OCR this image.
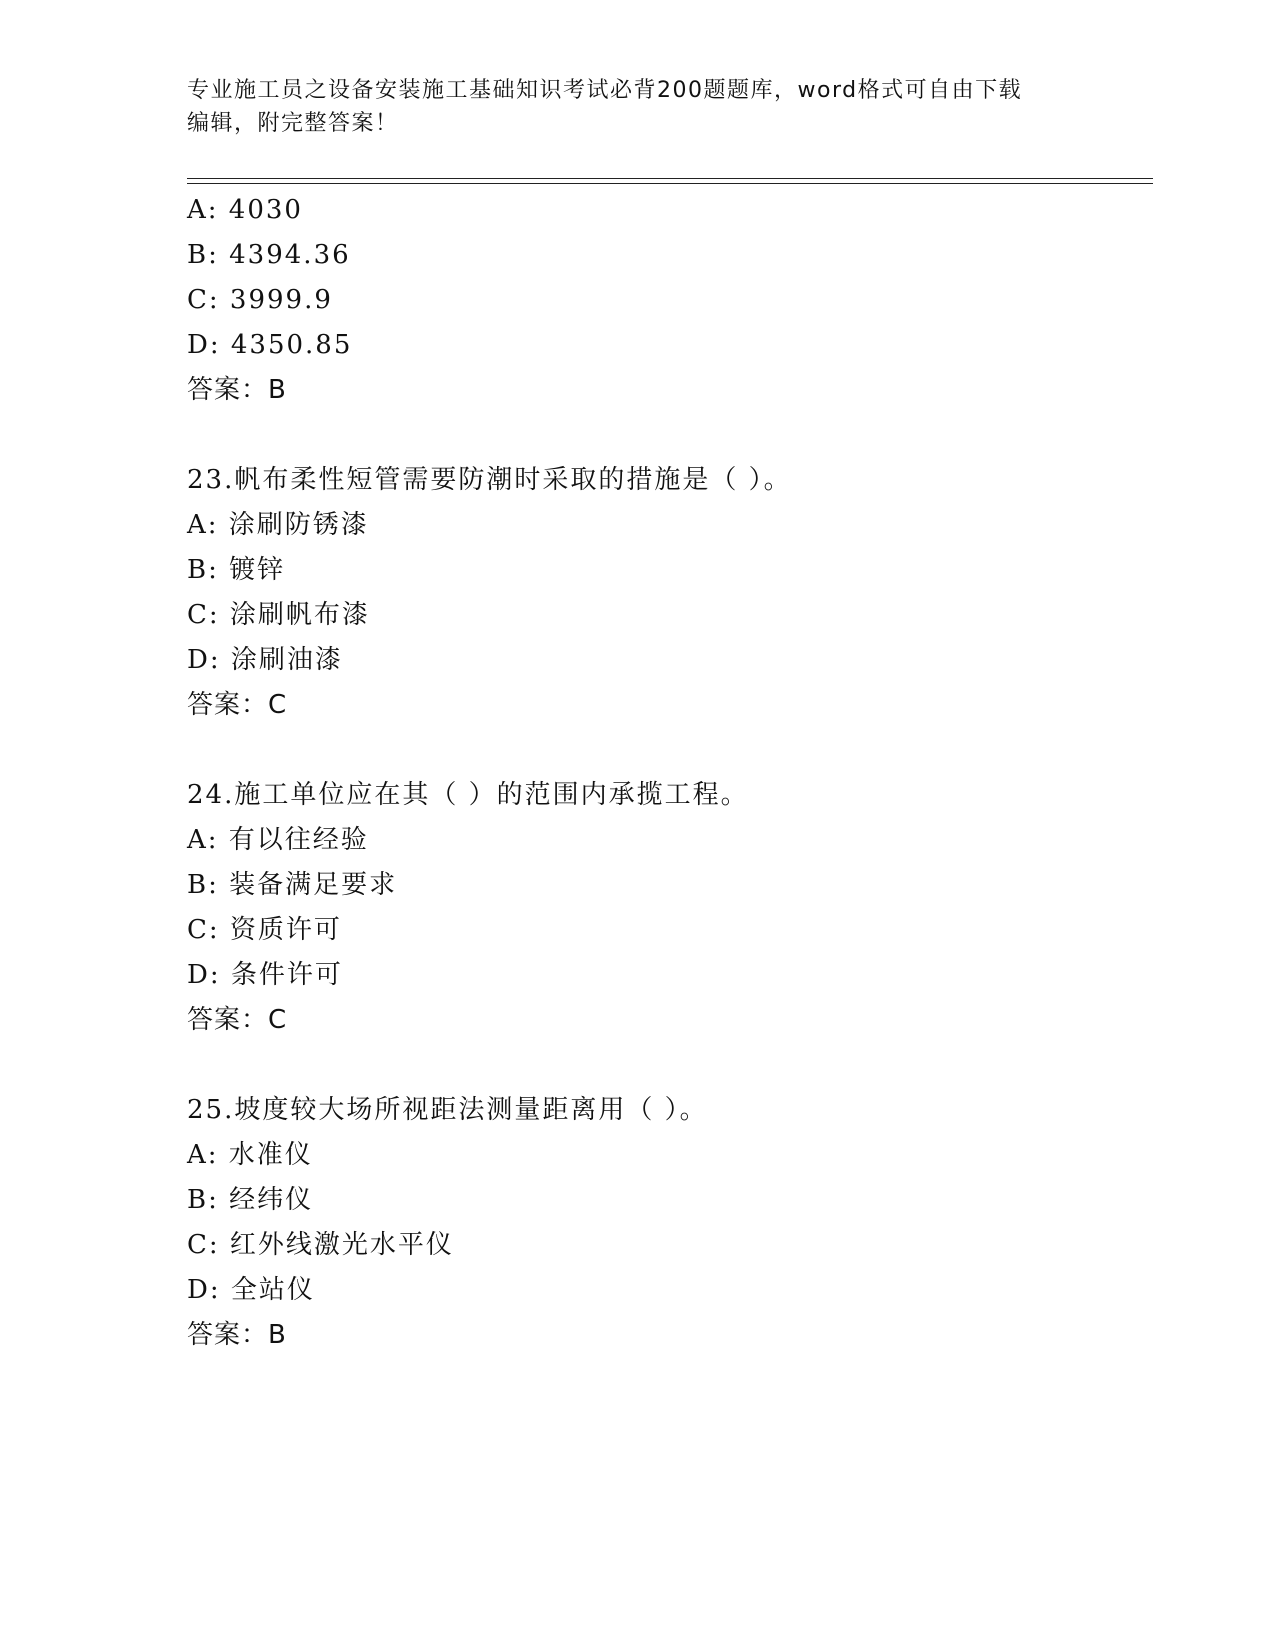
专业施工员之设备安装施工基础知识考试必背200题题库，word格式可自由下载
编辑，附完整答案！
A: 4030
B: 4394.36
C: 3999.9
D: 4350.85
答案：B
23.帆布柔性短管需要防潮时采取的措施是（ ）。
A: 涂刷防锈漆
B: 镀锌
C: 涂刷帆布漆
D: 涂刷油漆
答案：C
24.施工单位应在其（ ）的范围内承揽工程。
A: 有以往经验
B: 装备满足要求
C: 资质许可
D: 条件许可
答案：C
25.坡度较大场所视距法测量距离用（ ）。
A: 水准仪
B: 经纬仪
C: 红外线激光水平仪
D: 全站仪
答案：B
